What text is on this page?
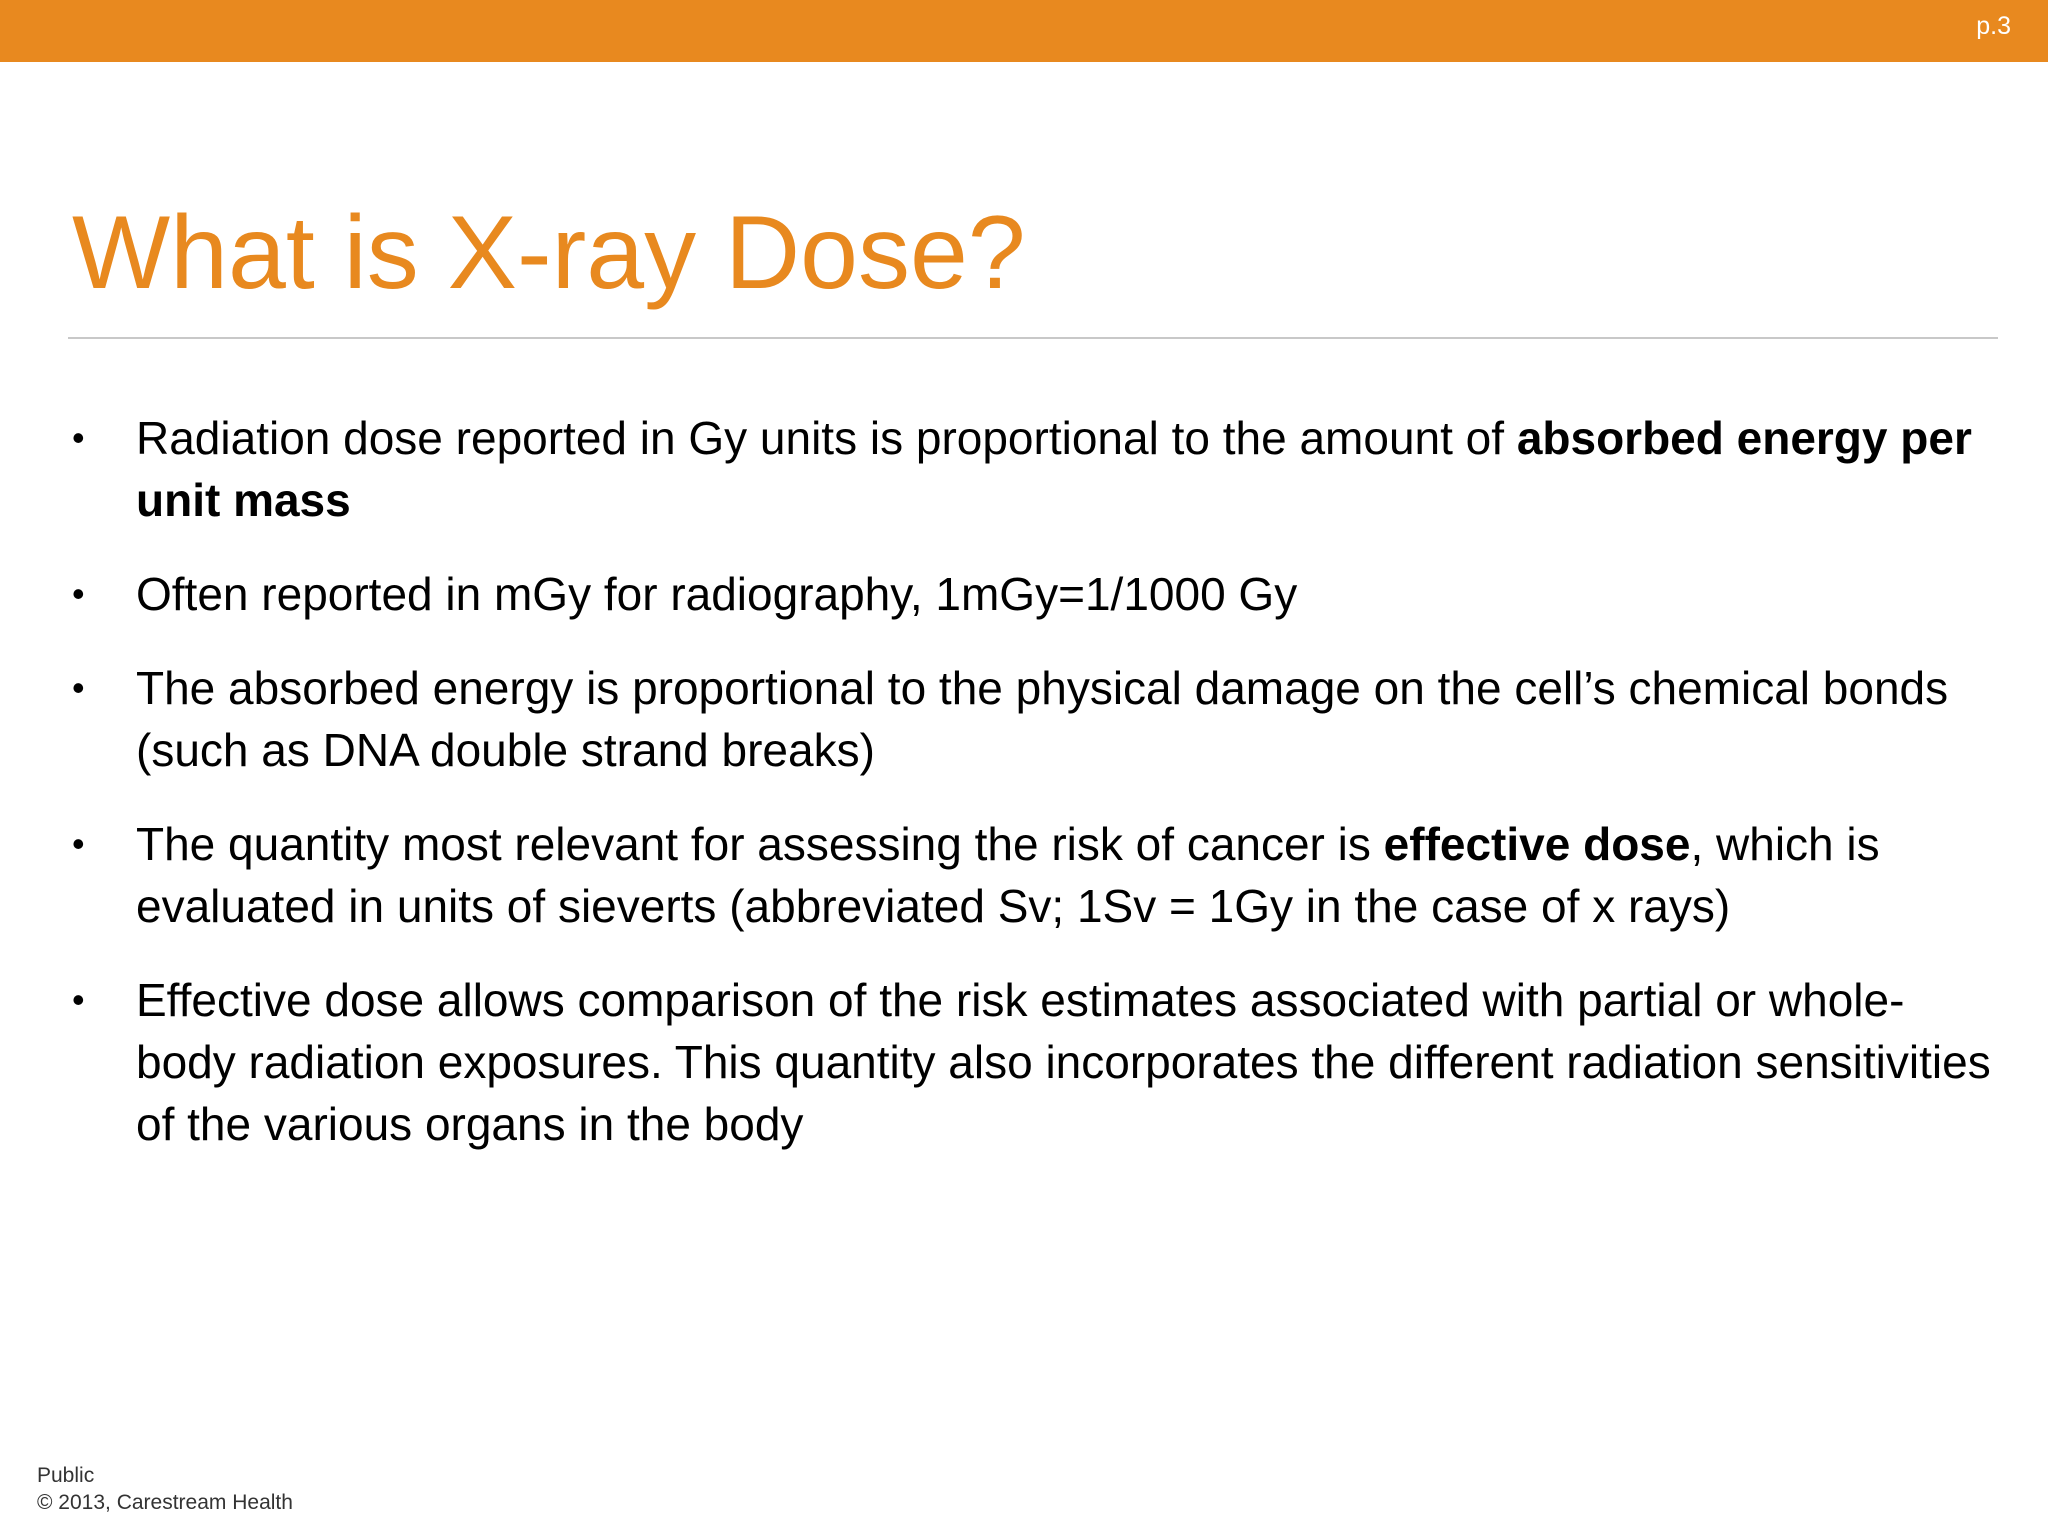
p.3
What is X-ray Dose?
• Radiation dose reported in Gy units is proportional to the amount of absorbed energy per unit mass
• Often reported in mGy for radiography, 1mGy=1/1000 Gy
• The absorbed energy is proportional to the physical damage on the cell’s chemical bonds (such as DNA double strand breaks)
• The quantity most relevant for assessing the risk of cancer is effective dose, which is evaluated in units of sieverts (abbreviated Sv; 1Sv = 1Gy in the case of x rays)
• Effective dose allows comparison of the risk estimates associated with partial or whole-body radiation exposures. This quantity also incorporates the different radiation sensitivities of the various organs in the body
Public
© 2013, Carestream Health
